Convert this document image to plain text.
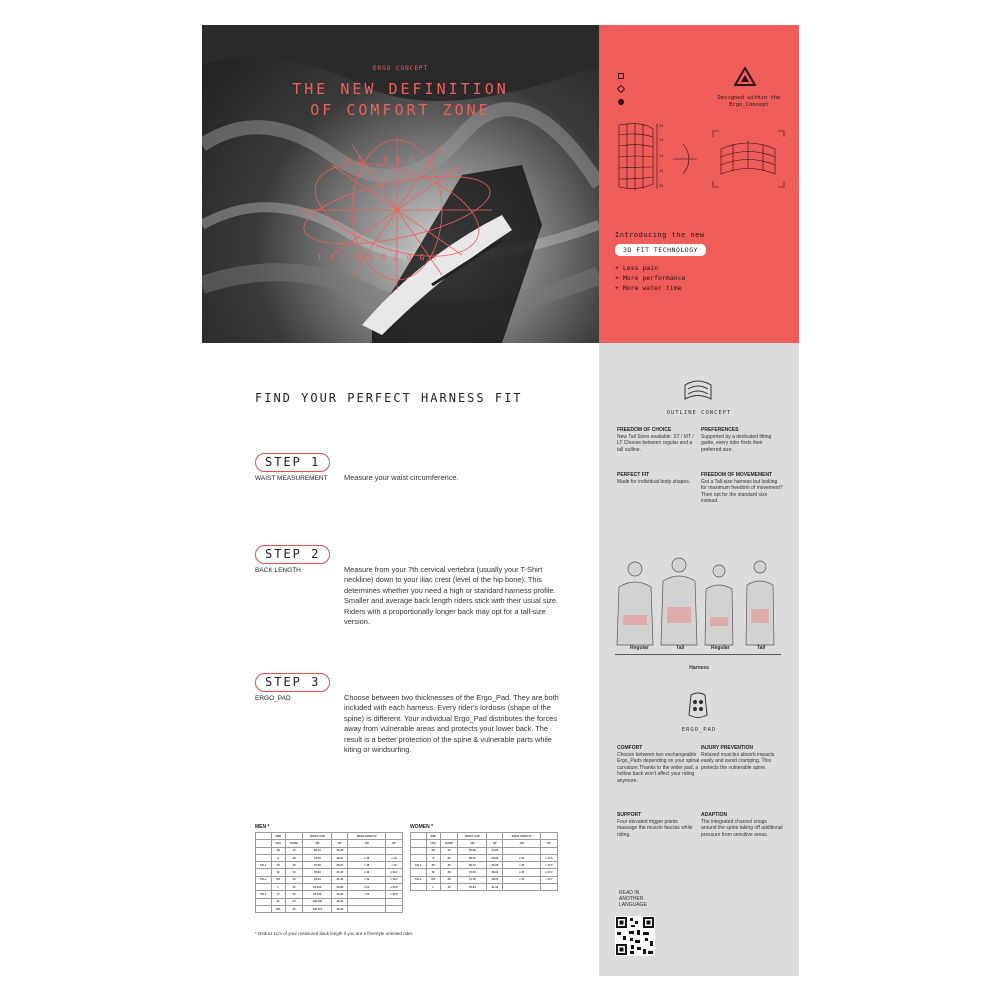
ERGO CONCEPT
THE NEW DEFINITION
OF COMFORT ZONE
3D FIT
TECHNOLOGY
Designed within the Ergo_Concept
25
25
15
25
25
Introducing the new
3D FIT TECHNOLOGY
+ Less pain
+ More performance
+ More water time
FIND YOUR PERFECT HARNESS FIT
STEP 1
WAIST MEASUREMENT	Measure your waist circumference.
STEP 2
BACK LENGTH	Measure from your 7th cervical vertebra (usually your T-Shirt neckline) down to your iliac crest (level of the hip bone). This determines whether you need a high or standard harness profile. Smaller and average back length riders stick with their usual size. Riders with a proportionally longer back may opt for a tall-size version.
STEP 3
ERGO_PAD	Choose between two thicknesses of the Ergo_Pad. They are both included with each harness. Every rider's lordosis (shape of the spine) is different. Your individual Ergo_Pad distributes the forces away from vulnerable areas and protects your lower back. The result is a better protection of the spine & vulnerable parts while kiting or windsurfing.
MEN *
	SIZE		WAIST / HIP		BACK LENGTH*	
	USA	EURO	CM	IN*	CM	IN*
	XS	44	66-72	26-28		
	S	46	72-78	28-31	≤ 46	≤ 18
TALL	ST	46	72-78	28-31	> 46	> 18
	M	50	78-84	31-33	≤ 49	≤ 19.7
TALL	MT	50	78-84	31-33	> 50	> 19.7
	L	52	84-100	33-39	≤ 52	≤ 20.5
TALL	LT	52	84-100	33-39	> 52	> 20.5
	XL	54	100-106	39-42		
	XXL	56	106-114	42-45		
WOMEN *
	SIZE		WAIST / HIP		BACK LENGTH*	
	USA	EURO	CM	IN*	CM	IN*
	XS	34	60-66	24-27		
	S	36	66-72	26-28	≤ 45	≤ 17.5
TALL	ST	36	66-72	26-28	> 45	> 17.5
	M	38	72-78	28-31	≤ 45	≤ 17.7
TALL	MT	38	72-78	28-31	> 45	> 17.7
	L	40	78-84	31-33		
* Deduct 1cm of your measured back length if you are a freestyle oriented rider.
OUTLINE CONCEPT
FREEDOM OF CHOICE
New Tall Sizes available: ST / MT / LT Choose between regular and a tall outline.
PREFERENCES
Supported by a dedicated fitting guide, every rider finds their preferred size.
PERFECT FIT
Made for individual body shapes.
FREEDOM OF MOVEMEMENT
Got a Tall-size harness but looking for maximum freedom of movement? Then opt for the standard size instead.
Regular	Tall	Regular	Tall
Harness
ERGO_PAD
COMFORT
Choose between two exchangeable Ergo_Pads depending on your spinal curvature.Thanks to the wider pad, a hollow back won't affect your riding anymore.
INJURY PREVENTION
Relaxed muscles absorb impacts easily and avoid cramping. This protects the vulnerable spine.
SUPPORT
Four elevated trigger points massage the muscle fascias while riding.
ADAPTION
The integrated channel snugs around the spine taking off additional pressure from sensitive areas.
READ IN
ANOTHER
LANGUAGE
